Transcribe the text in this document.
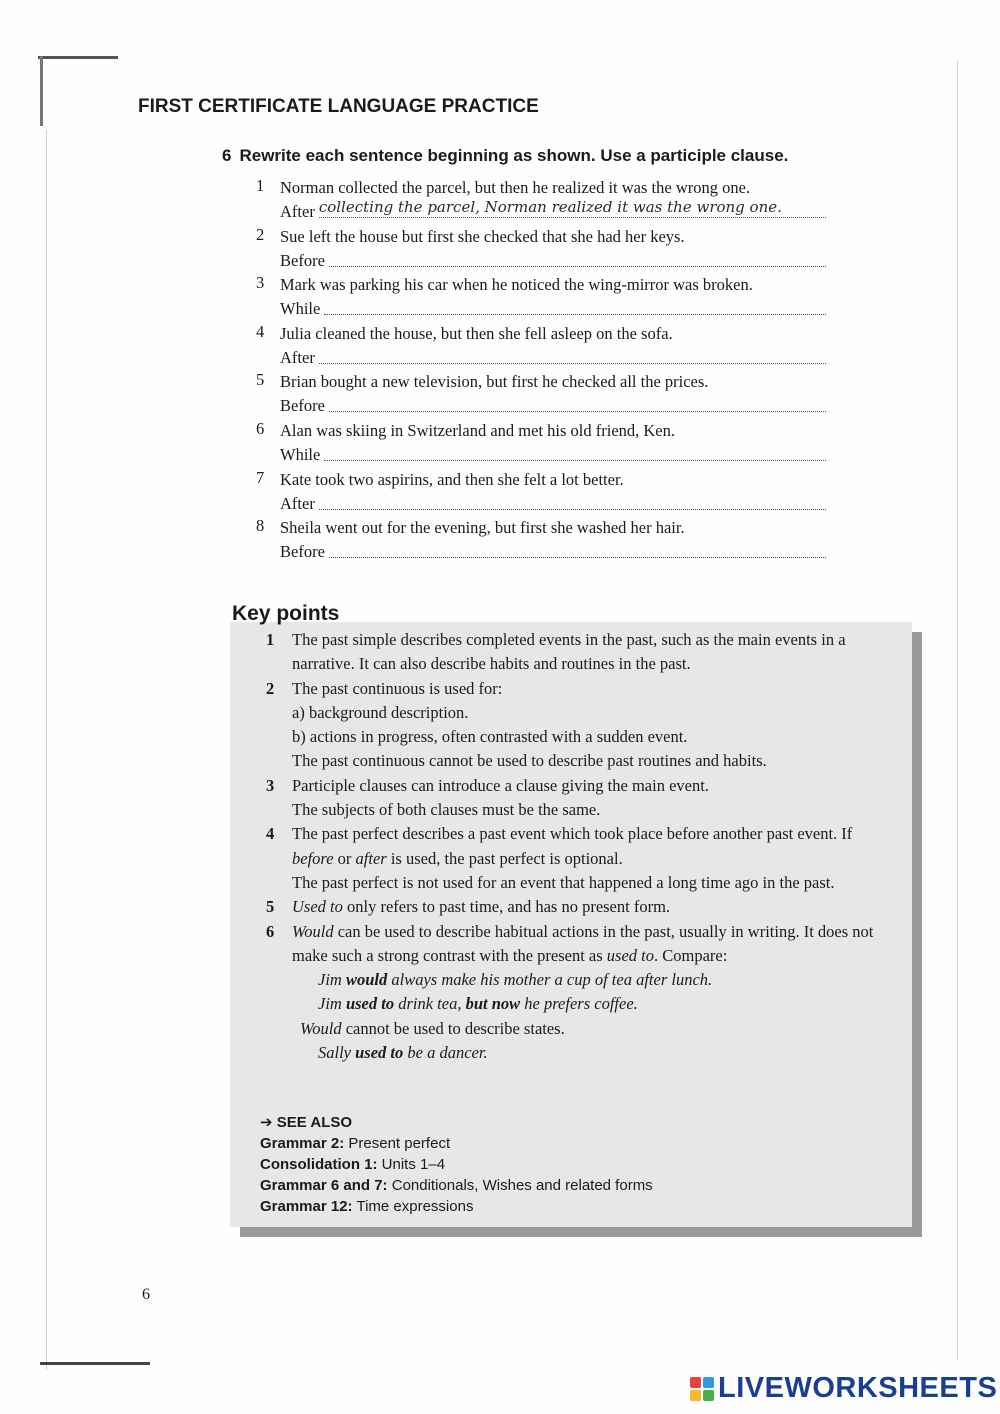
FIRST CERTIFICATE LANGUAGE PRACTICE
6 Rewrite each sentence beginning as shown. Use a participle clause.
1 Norman collected the parcel, but then he realized it was the wrong one.
After collecting the parcel, Norman realized it was the wrong one.
2 Sue left the house but first she checked that she had her keys.
Before
3 Mark was parking his car when he noticed the wing-mirror was broken.
While
4 Julia cleaned the house, but then she fell asleep on the sofa.
After
5 Brian bought a new television, but first he checked all the prices.
Before
6 Alan was skiing in Switzerland and met his old friend, Ken.
While
7 Kate took two aspirins, and then she felt a lot better.
After
8 Sheila went out for the evening, but first she washed her hair.
Before
Key points
1	The past simple describes completed events in the past, such as the main events in a narrative. It can also describe habits and routines in the past.
2	The past continuous is used for:
a) background description.
b) actions in progress, often contrasted with a sudden event.
The past continuous cannot be used to describe past routines and habits.
3	Participle clauses can introduce a clause giving the main event.
The subjects of both clauses must be the same.
4	The past perfect describes a past event which took place before another past event. If before or after is used, the past perfect is optional.
The past perfect is not used for an event that happened a long time ago in the past.
5	Used to only refers to past time, and has no present form.
6	Would can be used to describe habitual actions in the past, usually in writing. It does not make such a strong contrast with the present as used to. Compare:
Jim would always make his mother a cup of tea after lunch.
Jim used to drink tea, but now he prefers coffee.
Would cannot be used to describe states.
Sally used to be a dancer.
➔ SEE ALSO
Grammar 2: Present perfect
Consolidation 1: Units 1–4
Grammar 6 and 7: Conditionals, Wishes and related forms
Grammar 12: Time expressions
6
LIVEWORKSHEETS
